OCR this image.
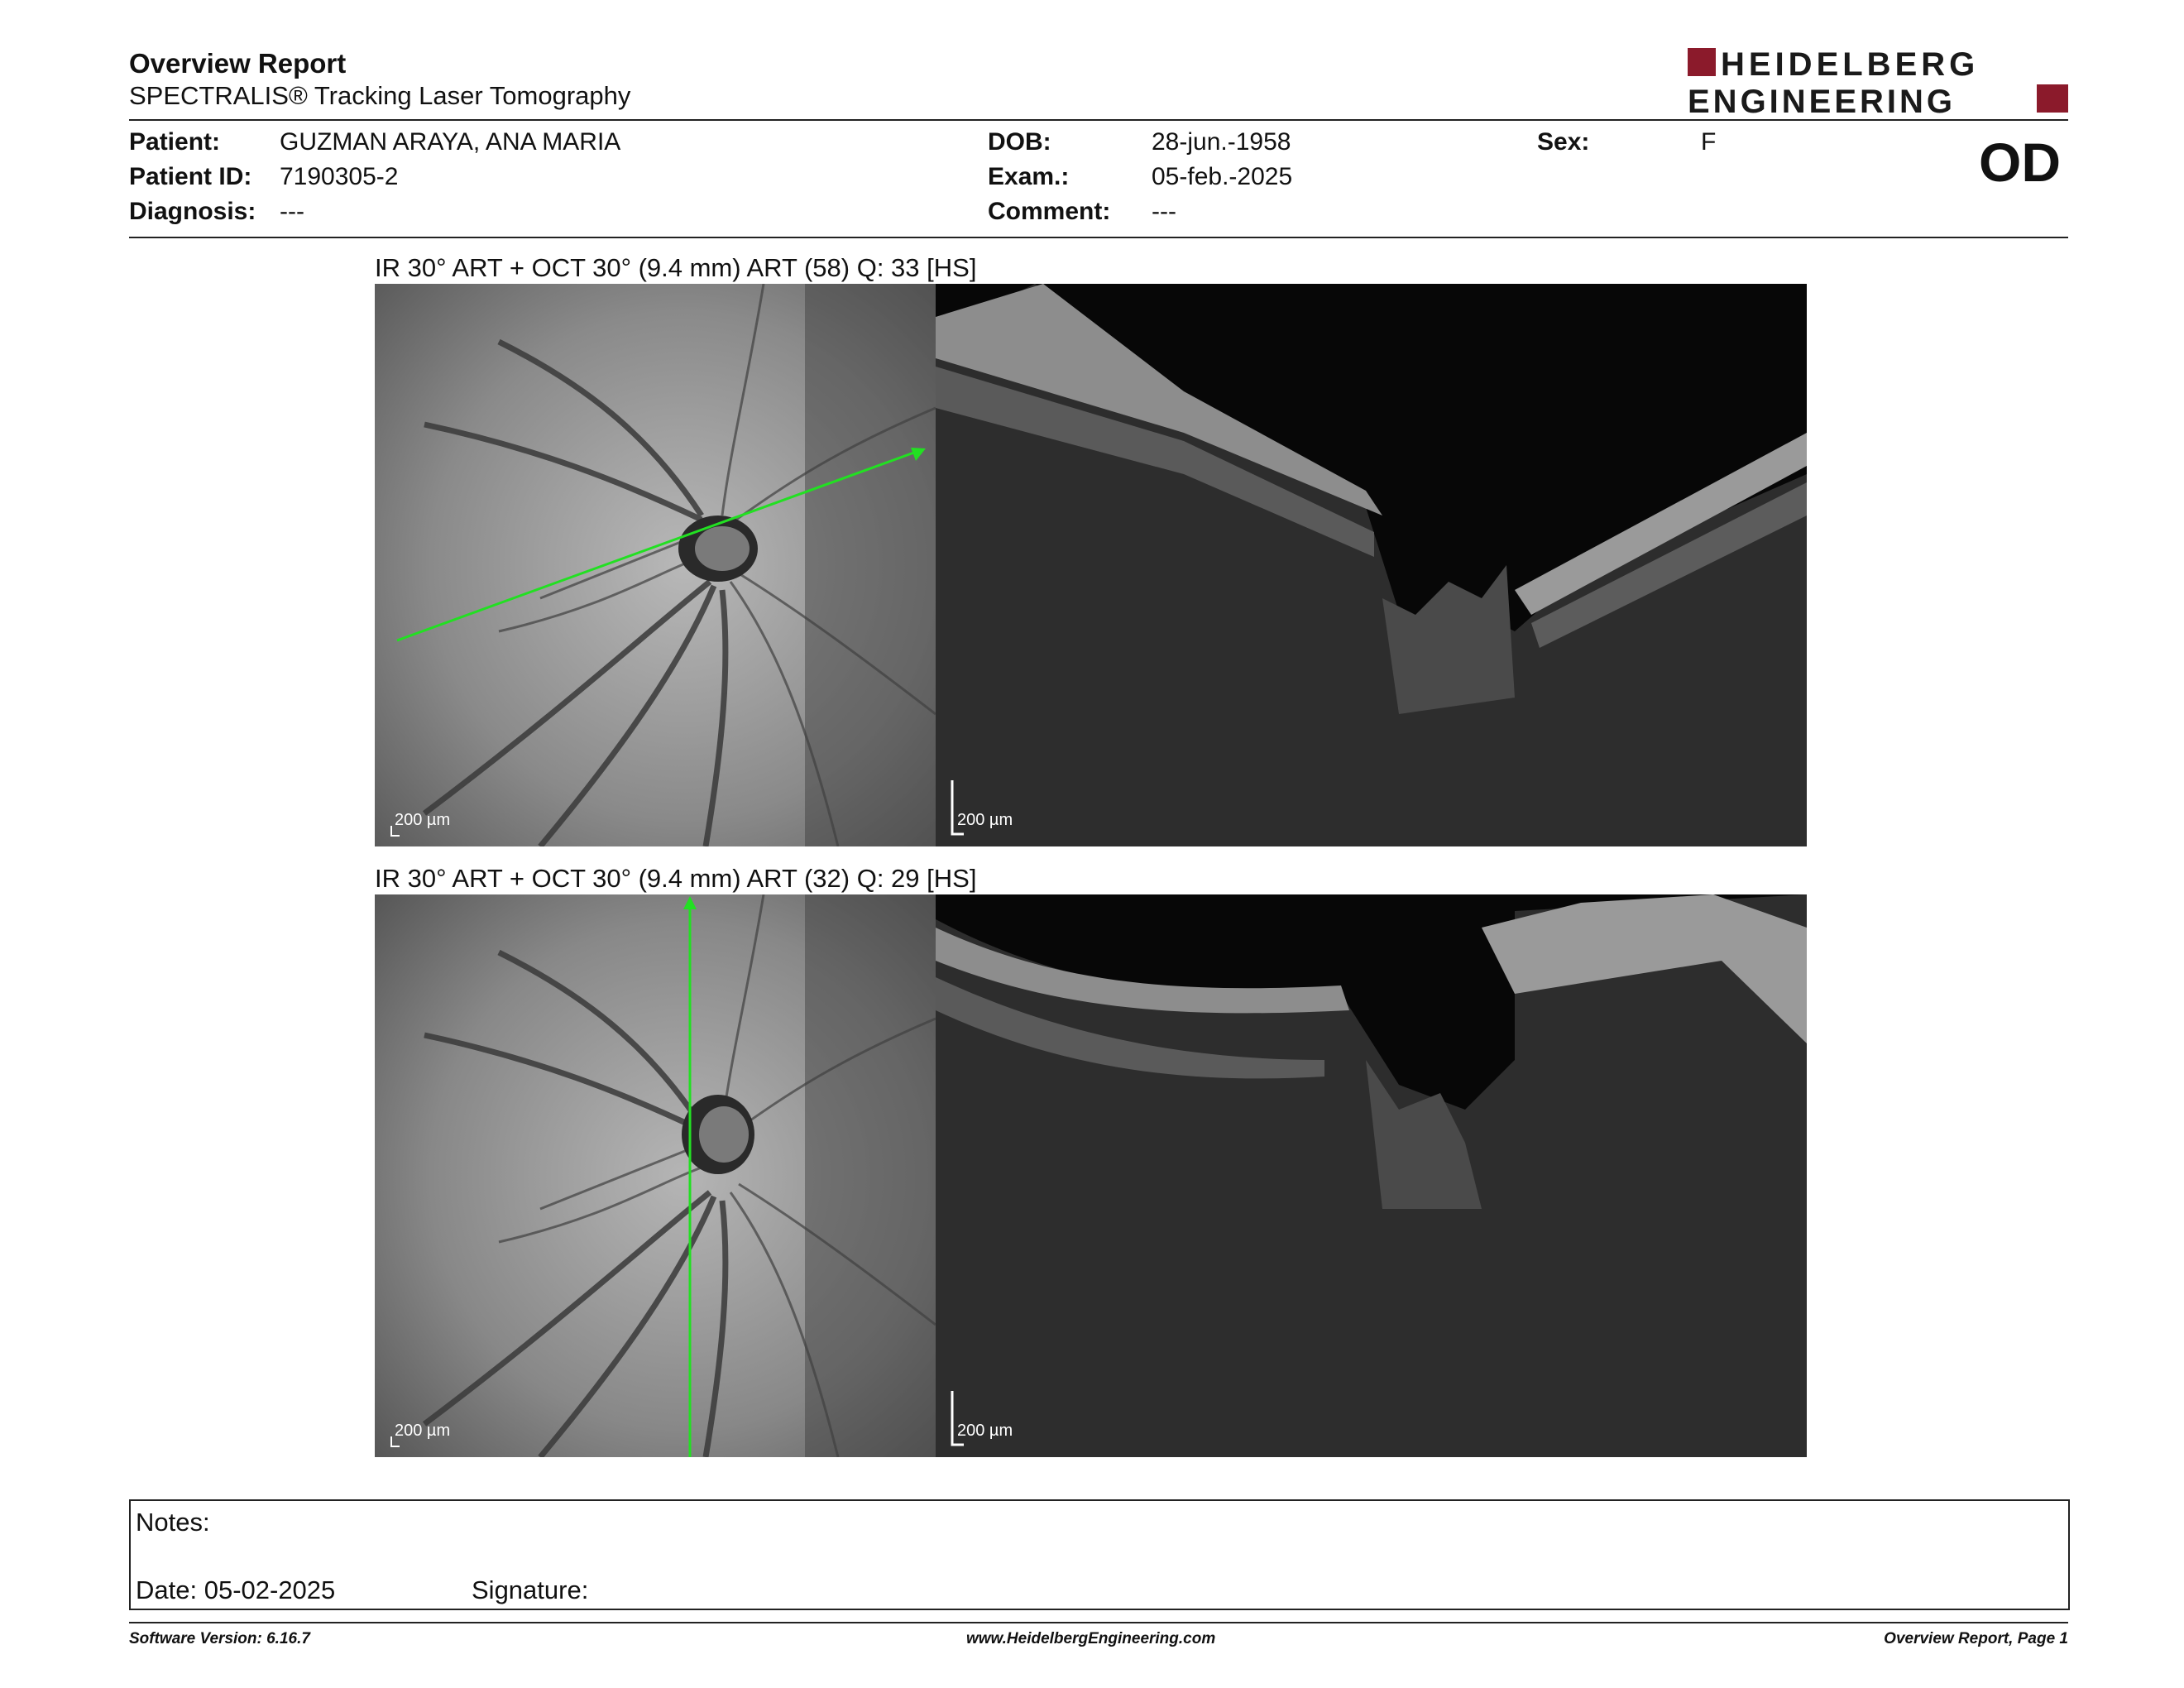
Overview Report
SPECTRALIS® Tracking Laser Tomography
HEIDELBERG
ENGINEERING
Patient: GUZMAN ARAYA, ANA MARIA
Patient ID: 7190305-2
Diagnosis: ---
DOB:	28-jun.-1958
Exam.:	05-feb.-2025
Comment: ---
Sex:	F	OD
IR 30° ART + OCT 30° (9.4 mm) ART (58) Q: 33 [HS]
200 µm	200 µm
IR 30° ART + OCT 30° (9.4 mm) ART (32) Q: 29 [HS]
200 µm	200 µm
Notes:
Date: 05-02-2025	Signature:
Software Version: 6.16.7	www.HeidelbergEngineering.com	Overview Report, Page 1
